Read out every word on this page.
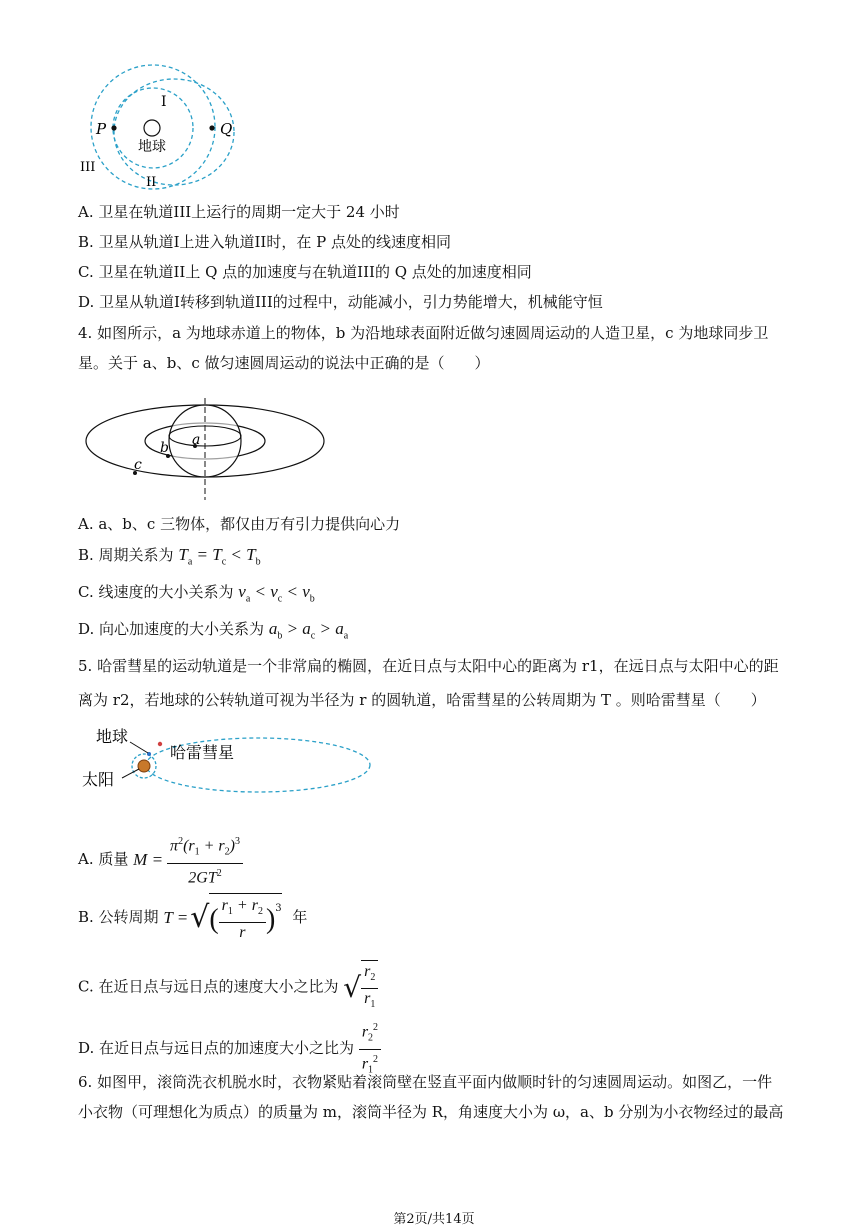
I
P	Q
地球
III
II
A. 卫星在轨道III上运行的周期一定大于 24 小时
B. 卫星从轨道I上进入轨道II时，在 P 点处的线速度相同
C. 卫星在轨道II上 Q 点的加速度与在轨道III的 Q 点处的加速度相同
D. 卫星从轨道I转移到轨道III的过程中，动能减小，引力势能增大，机械能守恒
4. 如图所示，a 为地球赤道上的物体，b 为沿地球表面附近做匀速圆周运动的人造卫星，c 为地球同步卫
星。关于 a、b、c 做匀速圆周运动的说法中正确的是（　　）
a
b
c
A. a、b、c 三物体，都仅由万有引力提供向心力
B. 周期关系为 $T_a = T_c < T_b$
C. 线速度的大小关系为 $v_a < v_c < v_b$
D. 向心加速度的大小关系为 $a_b > a_c > a_a$
5. 哈雷彗星的运动轨道是一个非常扁的椭圆，在近日点与太阳中心的距离为 r1，在远日点与太阳中心的距
离为 r2，若地球的公转轨道可视为半径为 r 的圆轨道，哈雷彗星的公转周期为 T 。则哈雷彗星（　　）
地球
哈雷彗星
太阳
A. 质量 $M = \frac{\pi^2(r_1 + r_2)^3}{2GT^2}$
B. 公转周期 T = √ ( $\frac{r_1 + r_2}{r} )^3$ 年
C. 在近日点与远日点的速度大小之比为 √ $\frac{r_2}{r_1}$
D. 在近日点与远日点的加速度大小之比为 $\frac{r_2^2}{r_1^2}$
6. 如图甲，滚筒洗衣机脱水时，衣物紧贴着滚筒壁在竖直平面内做顺时针的匀速圆周运动。如图乙，一件
小衣物（可理想化为质点）的质量为 m，滚筒半径为 R，角速度大小为 ω，a、b 分别为小衣物经过的最高
第2页/共14页
